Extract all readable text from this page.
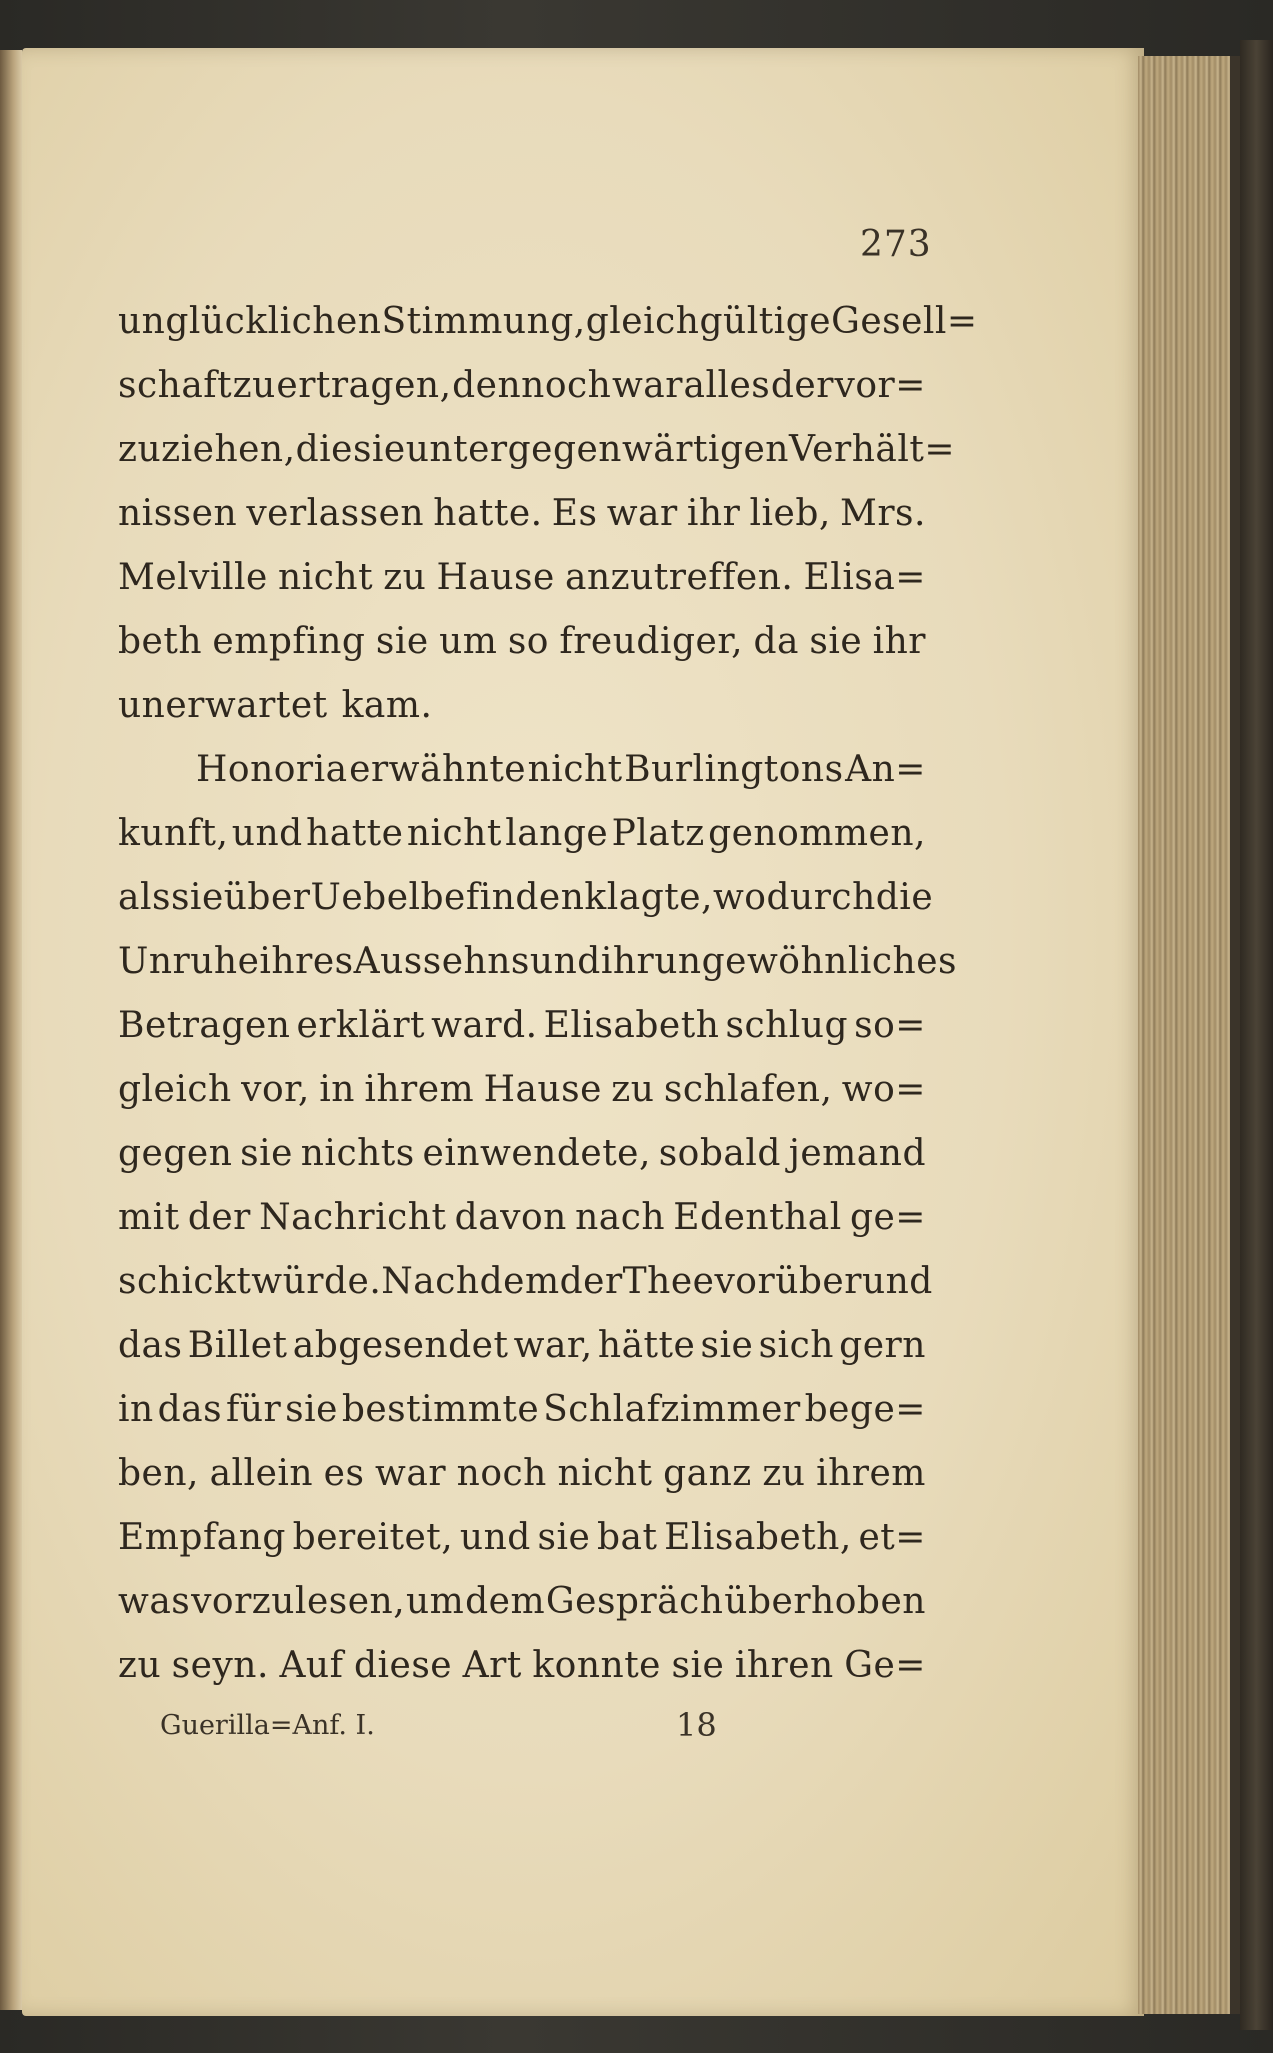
273
unglücklichen Stimmung, gleichgültige Gesell=
schaft zu ertragen, dennoch war alles der vor=
zuziehen, die sie unter gegenwärtigen Verhält=
nissen verlassen hatte. Es war ihr lieb, Mrs.
Melville nicht zu Hause anzutreffen. Elisa=
beth empfing sie um so freudiger, da sie ihr
unerwartet kam.
Honoria erwähnte nicht Burlingtons An=
kunft, und hatte nicht lange Platz genommen,
als sie über Uebelbefinden klagte, wodurch die
Unruhe ihres Aussehns und ihr ungewöhnliches
Betragen erklärt ward. Elisabeth schlug so=
gleich vor, in ihrem Hause zu schlafen, wo=
gegen sie nichts einwendete, sobald jemand
mit der Nachricht davon nach Edenthal ge=
schickt würde. Nachdem der Thee vorüber und
das Billet abgesendet war, hätte sie sich gern
in das für sie bestimmte Schlafzimmer bege=
ben, allein es war noch nicht ganz zu ihrem
Empfang bereitet, und sie bat Elisabeth, et=
was vorzulesen, um dem Gespräch überhoben
zu seyn. Auf diese Art konnte sie ihren Ge=
Guerilla=Anf. I.	18
